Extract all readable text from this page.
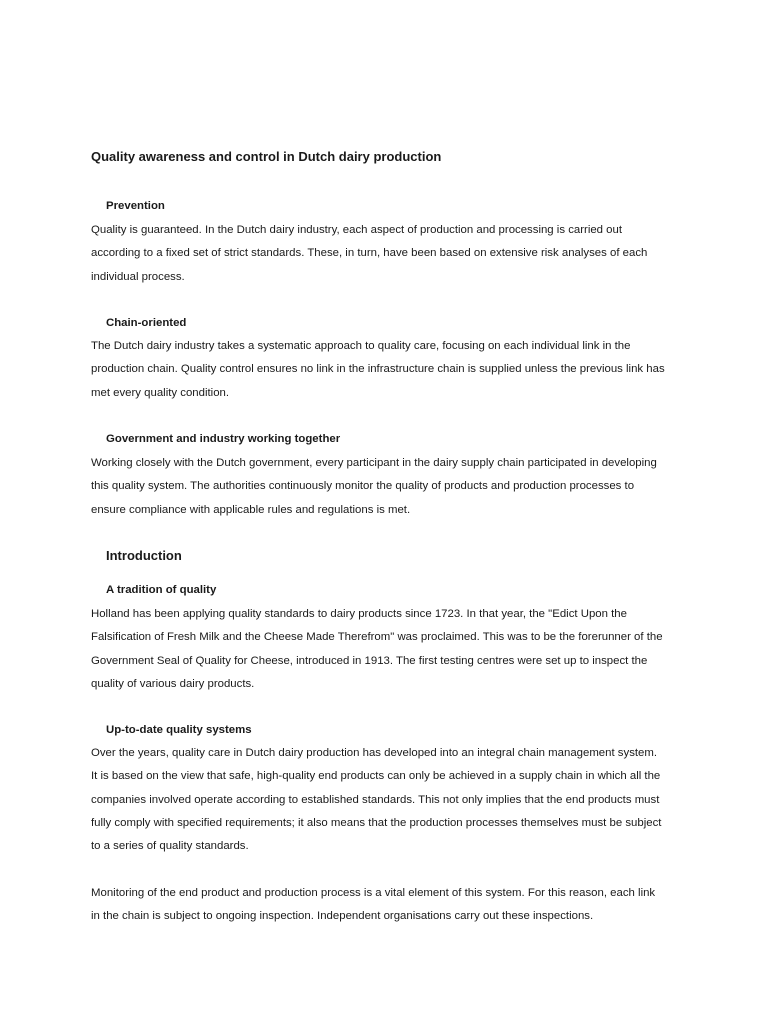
Quality awareness and control in Dutch dairy production
Prevention
Quality is guaranteed. In the Dutch dairy industry, each aspect of production and processing is carried out
according to a fixed set of strict standards. These, in turn, have been based on extensive risk analyses of each
individual process.
Chain-oriented
The Dutch dairy industry takes a systematic approach to quality care, focusing on each individual link in the
production chain. Quality control ensures no link in the infrastructure chain is supplied unless the previous link has
met every quality condition.
Government and industry working together
Working closely with the Dutch government, every participant in the dairy supply chain participated in developing
this quality system. The authorities continuously monitor the quality of products and production processes to
ensure compliance with applicable rules and regulations is met.
Introduction
A tradition of quality
Holland has been applying quality standards to dairy products since 1723. In that year, the "Edict Upon the
Falsification of Fresh Milk and the Cheese Made Therefrom" was proclaimed. This was to be the forerunner of the
Government Seal of Quality for Cheese, introduced in 1913. The first testing centres were set up to inspect the
quality of various dairy products.
Up-to-date quality systems
Over the years, quality care in Dutch dairy production has developed into an integral chain management system.
It is based on the view that safe, high-quality end products can only be achieved in a supply chain in which all the
companies involved operate according to established standards. This not only implies that the end products must
fully comply with specified requirements; it also means that the production processes themselves must be subject
to a series of quality standards.
Monitoring of the end product and production process is a vital element of this system. For this reason, each link
in the chain is subject to ongoing inspection. Independent organisations carry out these inspections.
